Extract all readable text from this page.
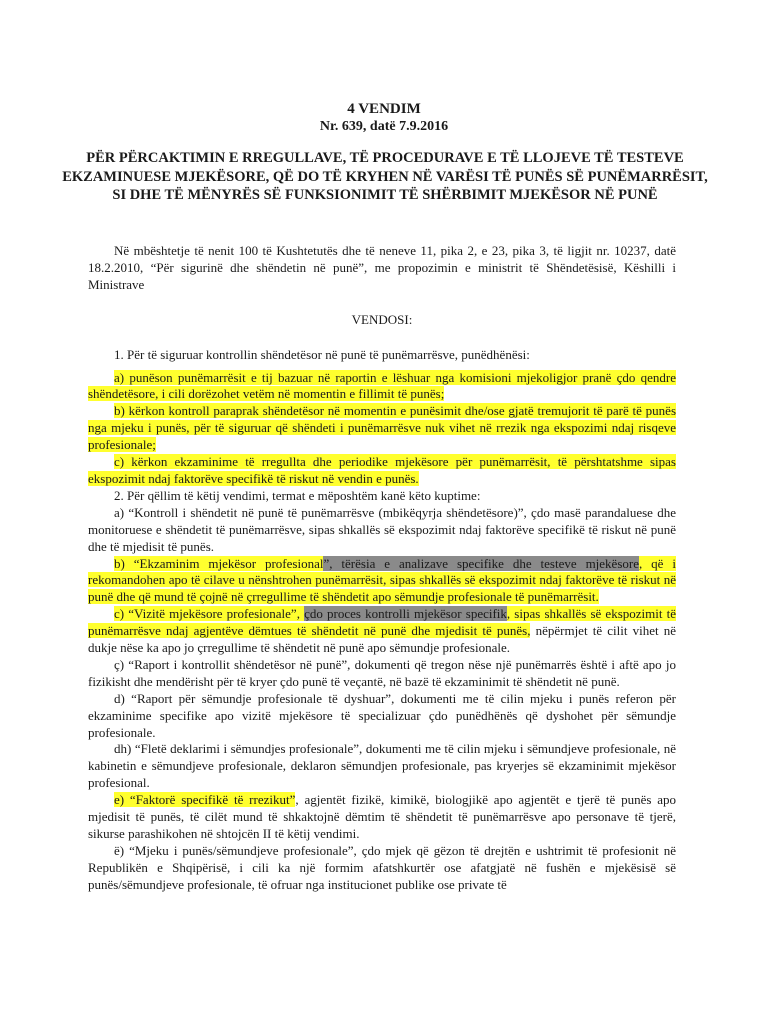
4 VENDIM
Nr. 639, datë 7.9.2016
PËR PËRCAKTIMIN E RREGULLAVE, TË PROCEDURAVE E TË LLOJEVE TË TESTEVE EKZAMINUESE MJEKËSORE, QË DO TË KRYHEN NË VARËSI TË PUNËS SË PUNËMARRËSIT, SI DHE TË MËNYRËS SË FUNKSIONIMIT TË SHËRBIMIT MJEKËSOR NË PUNË

Në mbështetje të nenit 100 të Kushtetutës dhe të neneve 11, pika 2, e 23, pika 3, të ligjit nr. 10237, datë 18.2.2010, “Për sigurinë dhe shëndetin në punë”, me propozimin e ministrit të Shëndetësisë, Këshilli i Ministrave

VENDOSI:

1. Për të siguruar kontrollin shëndetësor në punë të punëmarrësve, punëdhënësi:

a) punëson punëmarrësit e tij bazuar në raportin e lëshuar nga komisioni mjekoligjor pranë çdo qendre shëndetësore, i cili dorëzohet vetëm në momentin e fillimit të punës;

b) kërkon kontroll paraprak shëndetësor në momentin e punësimit dhe/ose gjatë tremujorit të parë të punës nga mjeku i punës, për të siguruar që shëndeti i punëmarrësve nuk vihet në rrezik nga ekspozimi ndaj risqeve profesionale;

c) kërkon ekzaminime të rregullta dhe periodike mjekësore për punëmarrësit, të përshtatshme sipas ekspozimit ndaj faktorëve specifikë të riskut në vendin e punës.

2. Për qëllim të këtij vendimi, termat e mëposhtëm kanë këto kuptime:

a) “Kontroll i shëndetit në punë të punëmarrësve (mbikëqyrja shëndetësore)”, çdo masë parandaluese dhe monitoruese e shëndetit të punëmarrësve, sipas shkallës së ekspozimit ndaj faktorëve specifikë të riskut në punë dhe të mjedisit të punës.

b) “Ekzaminim mjekësor profesional”, tërësia e analizave specifike dhe testeve mjekësore, që i rekomandohen apo të cilave u nënshtrohen punëmarrësit, sipas shkallës së ekspozimit ndaj faktorëve të riskut në punë dhe që mund të çojnë në çrregullime të shëndetit apo sëmundje profesionale të punëmarrësit.

c) “Vizitë mjekësore profesionale”, çdo proces kontrolli mjekësor specifik, sipas shkallës së ekspozimit të punëmarrësve ndaj agjentëve dëmtues të shëndetit në punë dhe mjedisit të punës, nëpërmjet të cilit vihet në dukje nëse ka apo jo çrregullime të shëndetit në punë apo sëmundje profesionale.

ç) “Raport i kontrollit shëndetësor në punë”, dokumenti që tregon nëse një punëmarrës është i aftë apo jo fizikisht dhe mendërisht për të kryer çdo punë të veçantë, në bazë të ekzaminimit të shëndetit në punë.

d) “Raport për sëmundje profesionale të dyshuar”, dokumenti me të cilin mjeku i punës referon për ekzaminime specifike apo vizitë mjekësore të specializuar çdo punëdhënës që dyshohet për sëmundje profesionale.

dh) “Fletë deklarimi i sëmundjes profesionale”, dokumenti me të cilin mjeku i sëmundjeve profesionale, në kabinetin e sëmundjeve profesionale, deklaron sëmundjen profesionale, pas kryerjes së ekzaminimit mjekësor profesional.

e) “Faktorë specifikë të rrezikut”, agjentët fizikë, kimikë, biologjikë apo agjentët e tjerë të punës apo mjedisit të punës, të cilët mund të shkaktojnë dëmtim të shëndetit të punëmarrësve apo personave të tjerë, sikurse parashikohen në shtojcën II të këtij vendimi.

ë) “Mjeku i punës/sëmundjeve profesionale”, çdo mjek që gëzon të drejtën e ushtrimit të profesionit në Republikën e Shqipërisë, i cili ka një formim afatshkurtër ose afatgjatë në fushën e mjekësisë së punës/sëmundjeve profesionale, të ofruar nga institucionet publike ose private të
